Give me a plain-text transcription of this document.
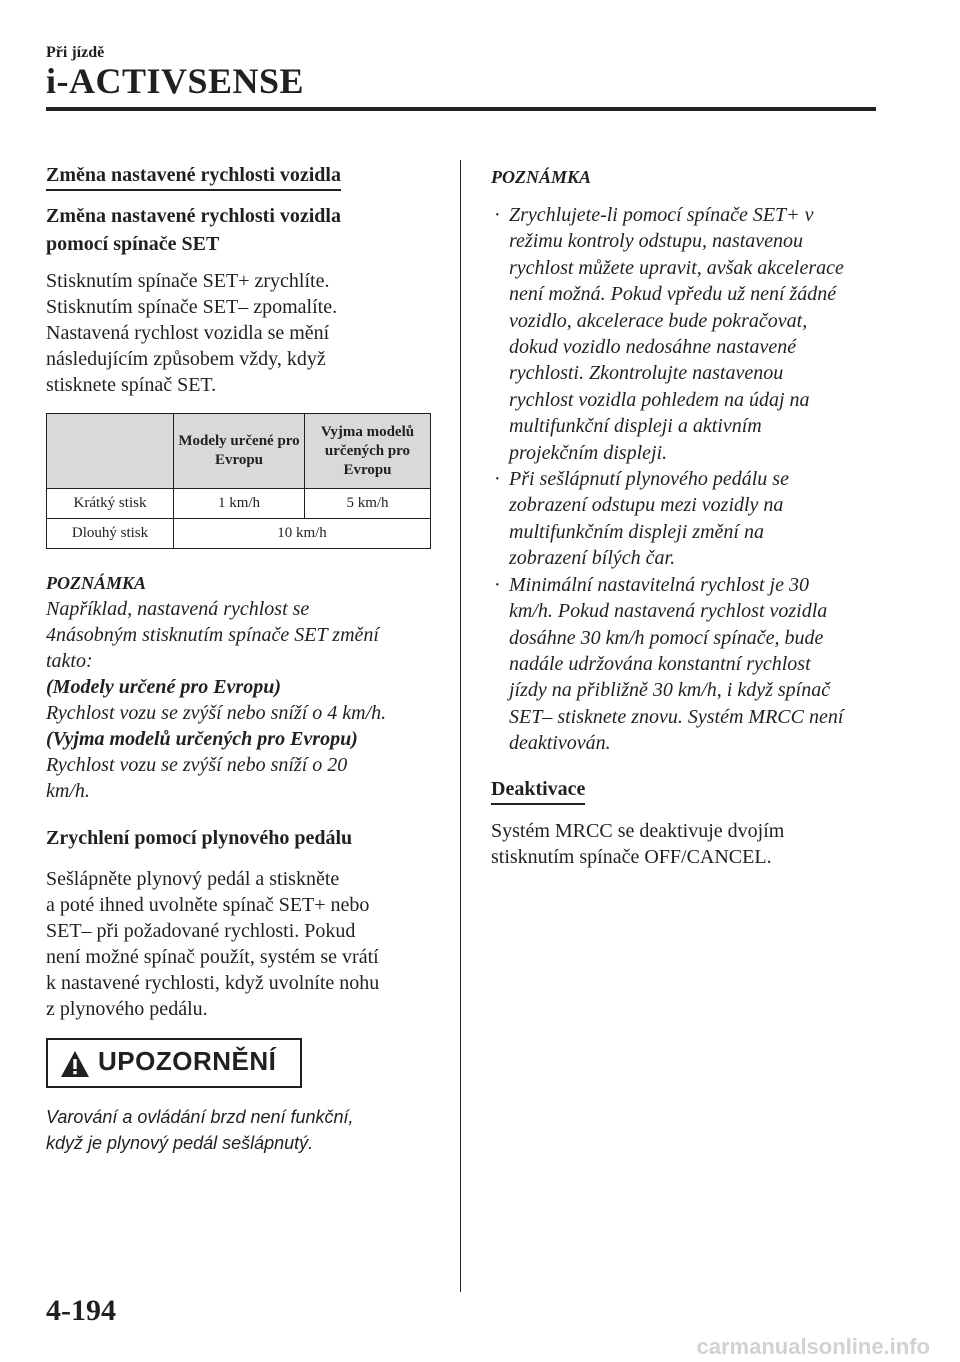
Při jízdě
i-ACTIVSENSE
Změna nastavené rychlosti vozidla
Změna nastavené rychlosti vozidla pomocí spínače SET
Stisknutím spínače SET+ zrychlíte.
Stisknutím spínače SET– zpomalíte.
Nastavená rychlost vozidla se mění
následujícím způsobem vždy, když
stisknete spínač SET.
	Modely určené pro Evropu	Vyjma modelů určených pro Evropu
Krátký stisk	1 km/h	5 km/h
Dlouhý stisk	10 km/h	
POZNÁMKA
Například, nastavená rychlost se
4násobným stisknutím spínače SET změní
takto:
(Modely určené pro Evropu)
Rychlost vozu se zvýší nebo sníží o 4 km/h.
(Vyjma modelů určených pro Evropu)
Rychlost vozu se zvýší nebo sníží o 20
km/h.
Zrychlení pomocí plynového pedálu
Sešlápněte plynový pedál a stiskněte
a poté ihned uvolněte spínač SET+ nebo
SET– při požadované rychlosti. Pokud
není možné spínač použít, systém se vrátí
k nastavené rychlosti, když uvolníte nohu
z plynového pedálu.
UPOZORNĚNÍ
Varování a ovládání brzd není funkční,
když je plynový pedál sešlápnutý.
POZNÁMKA
· Zrychlujete-li pomocí spínače SET+ v režimu kontroly odstupu, nastavenou rychlost můžete upravit, avšak akcelerace není možná. Pokud vpředu už není žádné vozidlo, akcelerace bude pokračovat, dokud vozidlo nedosáhne nastavené rychlosti. Zkontrolujte nastavenou rychlost vozidla pohledem na údaj na multifunkční displeji a aktivním projekčním displeji.
· Při sešlápnutí plynového pedálu se zobrazení odstupu mezi vozidly na multifunkčním displeji změní na zobrazení bílých čar.
· Minimální nastavitelná rychlost je 30 km/h. Pokud nastavená rychlost vozidla dosáhne 30 km/h pomocí spínače, bude nadále udržována konstantní rychlost jízdy na přibližně 30 km/h, i když spínač SET– stisknete znovu. Systém MRCC není deaktivován.
Deaktivace
Systém MRCC se deaktivuje dvojím stisknutím spínače OFF/CANCEL.
4-194
carmanualsonline.info
